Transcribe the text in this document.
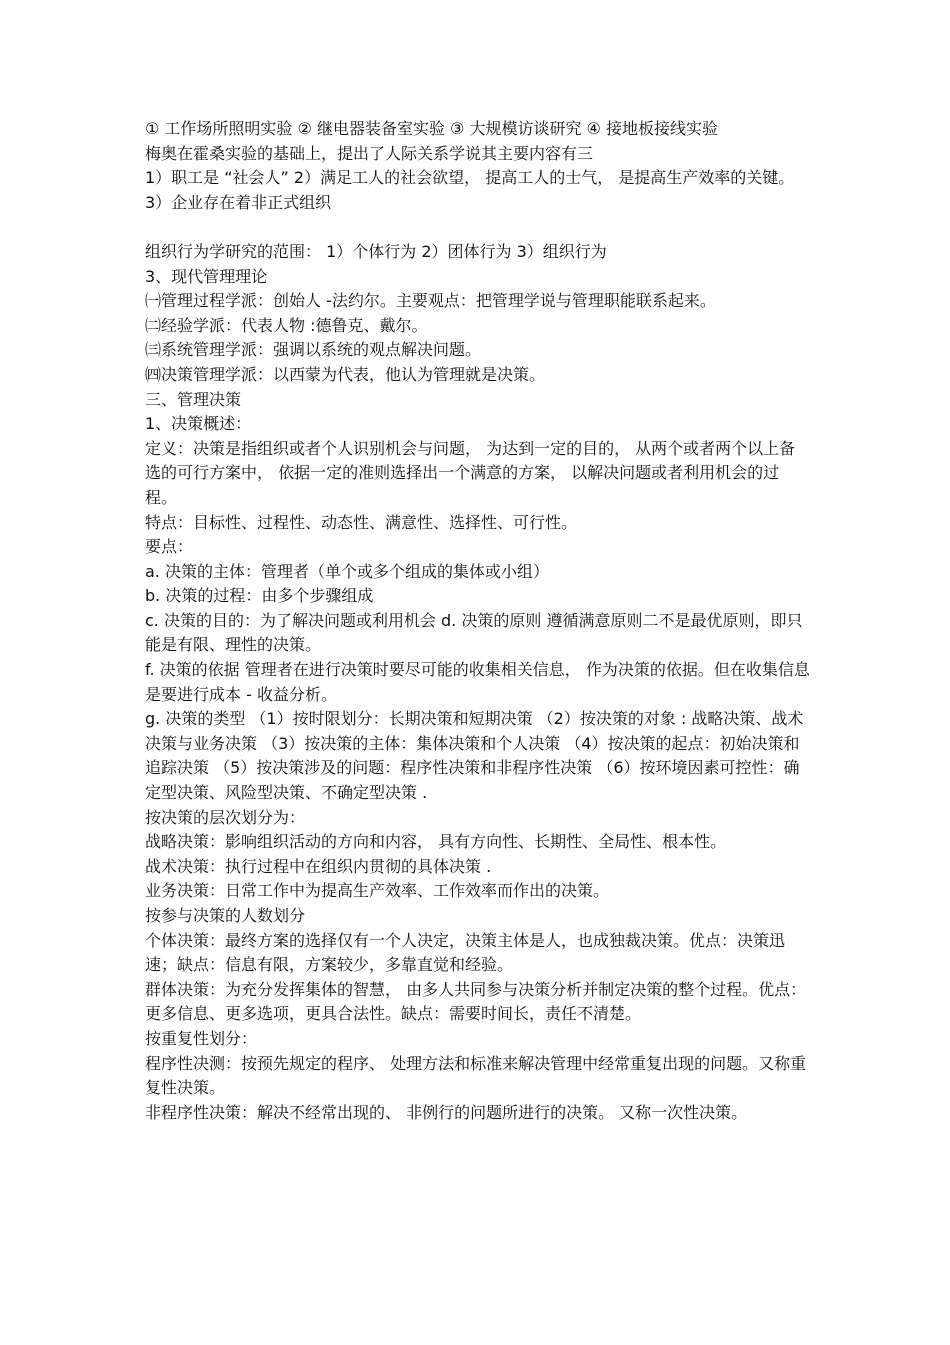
① 工作场所照明实验 ② 继电器装备室实验 ③ 大规模访谈研究 ④ 接地板接线实验
梅奥在霍桑实验的基础上，提出了人际关系学说其主要内容有三
1）职工是 “社会人” 2）满足工人的社会欲望， 提高工人的士气， 是提高生产效率的关键。 3）企业存在着非正式组织
组织行为学研究的范围： 1）个体行为 2）团体行为 3）组织行为
3、现代管理理论
㈠管理过程学派：创始人 -法约尔。主要观点：把管理学说与管理职能联系起来。
㈡经验学派：代表人物 :德鲁克、戴尔。
㈢系统管理学派：强调以系统的观点解决问题。
㈣决策管理学派：以西蒙为代表，他认为管理就是决策。
三、管理决策
1、决策概述：
定义：决策是指组织或者个人识别机会与问题， 为达到一定的目的， 从两个或者两个以上备选的可行方案中， 依据一定的准则选择出一个满意的方案， 以解决问题或者利用机会的过程。
特点：目标性、过程性、动态性、满意性、选择性、可行性。
要点：
a. 决策的主体：管理者（单个或多个组成的集体或小组）
b. 决策的过程：由多个步骤组成
c. 决策的目的：为了解决问题或利用机会 d. 决策的原则 遵循满意原则二不是最优原则，即只能是有限、理性的决策。
f. 决策的依据 管理者在进行决策时要尽可能的收集相关信息， 作为决策的依据。但在收集信息是要进行成本 - 收益分析。
g. 决策的类型 （1）按时限划分：长期决策和短期决策 （2）按决策的对象 : 战略决策、战术决策与业务决策 （3）按决策的主体：集体决策和个人决策 （4）按决策的起点：初始决策和追踪决策 （5）按决策涉及的问题：程序性决策和非程序性决策 （6）按环境因素可控性：确定型决策、风险型决策、不确定型决策 .
按决策的层次划分为：
战略决策：影响组织活动的方向和内容， 具有方向性、长期性、全局性、根本性。
战术决策：执行过程中在组织内贯彻的具体决策 .
业务决策：日常工作中为提高生产效率、工作效率而作出的决策。
按参与决策的人数划分
个体决策：最终方案的选择仅有一个人决定，决策主体是人，也成独裁决策。优点：决策迅速；缺点：信息有限，方案较少，多靠直觉和经验。
群体决策：为充分发挥集体的智慧， 由多人共同参与决策分析并制定决策的整个过程。优点：更多信息、更多选项，更具合法性。缺点：需要时间长，责任不清楚。
按重复性划分：
程序性决测：按预先规定的程序、 处理方法和标准来解决管理中经常重复出现的问题。又称重复性决策。
非程序性决策：解决不经常出现的、 非例行的问题所进行的决策。 又称一次性决策。
